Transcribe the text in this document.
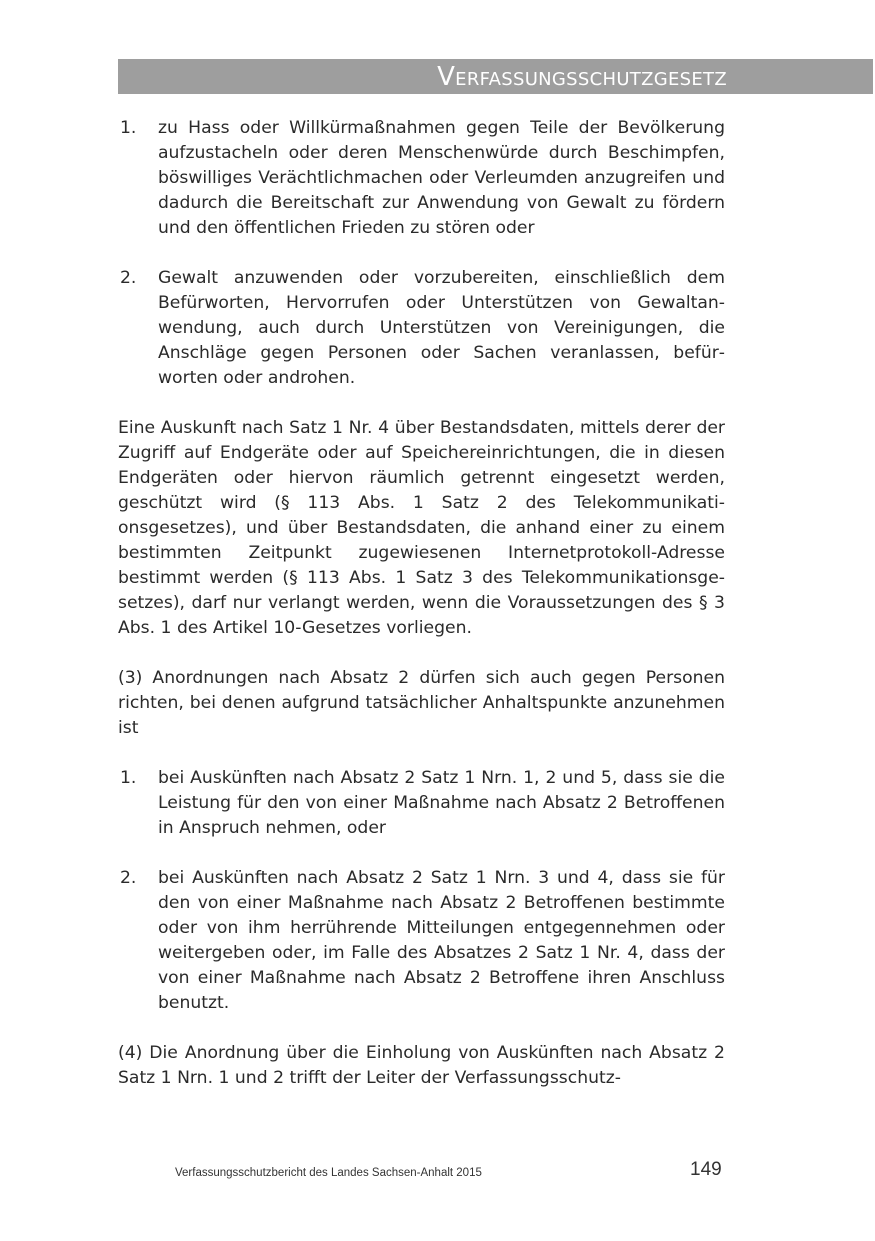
Verfassungsschutzgesetz
1. zu Hass oder Willkürmaßnahmen gegen Teile der Bevölkerung aufzustacheln oder deren Menschenwürde durch Beschimpfen, böswilliges Verächtlichmachen oder Verleumden anzugreifen und dadurch die Bereitschaft zur Anwendung von Gewalt zu fördern und den öffentlichen Frieden zu stören oder
2. Gewalt anzuwenden oder vorzubereiten, einschließlich dem Befürworten, Hervorrufen oder Unterstützen von Gewaltanwendung, auch durch Unterstützen von Vereinigungen, die Anschläge gegen Personen oder Sachen veranlassen, befürworten oder androhen.
Eine Auskunft nach Satz 1 Nr. 4 über Bestandsdaten, mittels derer der Zugriff auf Endgeräte oder auf Speichereinrichtungen, die in diesen Endgeräten oder hiervon räumlich getrennt eingesetzt werden, geschützt wird (§ 113 Abs. 1 Satz 2 des Telekommunikationsgesetzes), und über Bestandsdaten, die anhand einer zu einem bestimmten Zeitpunkt zugewiesenen Internetprotokoll-Adresse bestimmt werden (§ 113 Abs. 1 Satz 3 des Telekommunikationsgesetzes), darf nur verlangt werden, wenn die Voraussetzungen des § 3 Abs. 1 des Artikel 10-Gesetzes vorliegen.
(3) Anordnungen nach Absatz 2 dürfen sich auch gegen Personen richten, bei denen aufgrund tatsächlicher Anhaltspunkte anzunehmen ist
1. bei Auskünften nach Absatz 2 Satz 1 Nrn. 1, 2 und 5, dass sie die Leistung für den von einer Maßnahme nach Absatz 2 Betroffenen in Anspruch nehmen, oder
2. bei Auskünften nach Absatz 2 Satz 1 Nrn. 3 und 4, dass sie für den von einer Maßnahme nach Absatz 2 Betroffenen bestimmte oder von ihm herrührende Mitteilungen entgegennehmen oder weitergeben oder, im Falle des Absatzes 2 Satz 1 Nr. 4, dass der von einer Maßnahme nach Absatz 2 Betroffene ihren Anschluss benutzt.
(4) Die Anordnung über die Einholung von Auskünften nach Absatz 2 Satz 1 Nrn. 1 und 2 trifft der Leiter der Verfassungsschutz-
Verfassungsschutzbericht des Landes Sachsen-Anhalt 2015	149
